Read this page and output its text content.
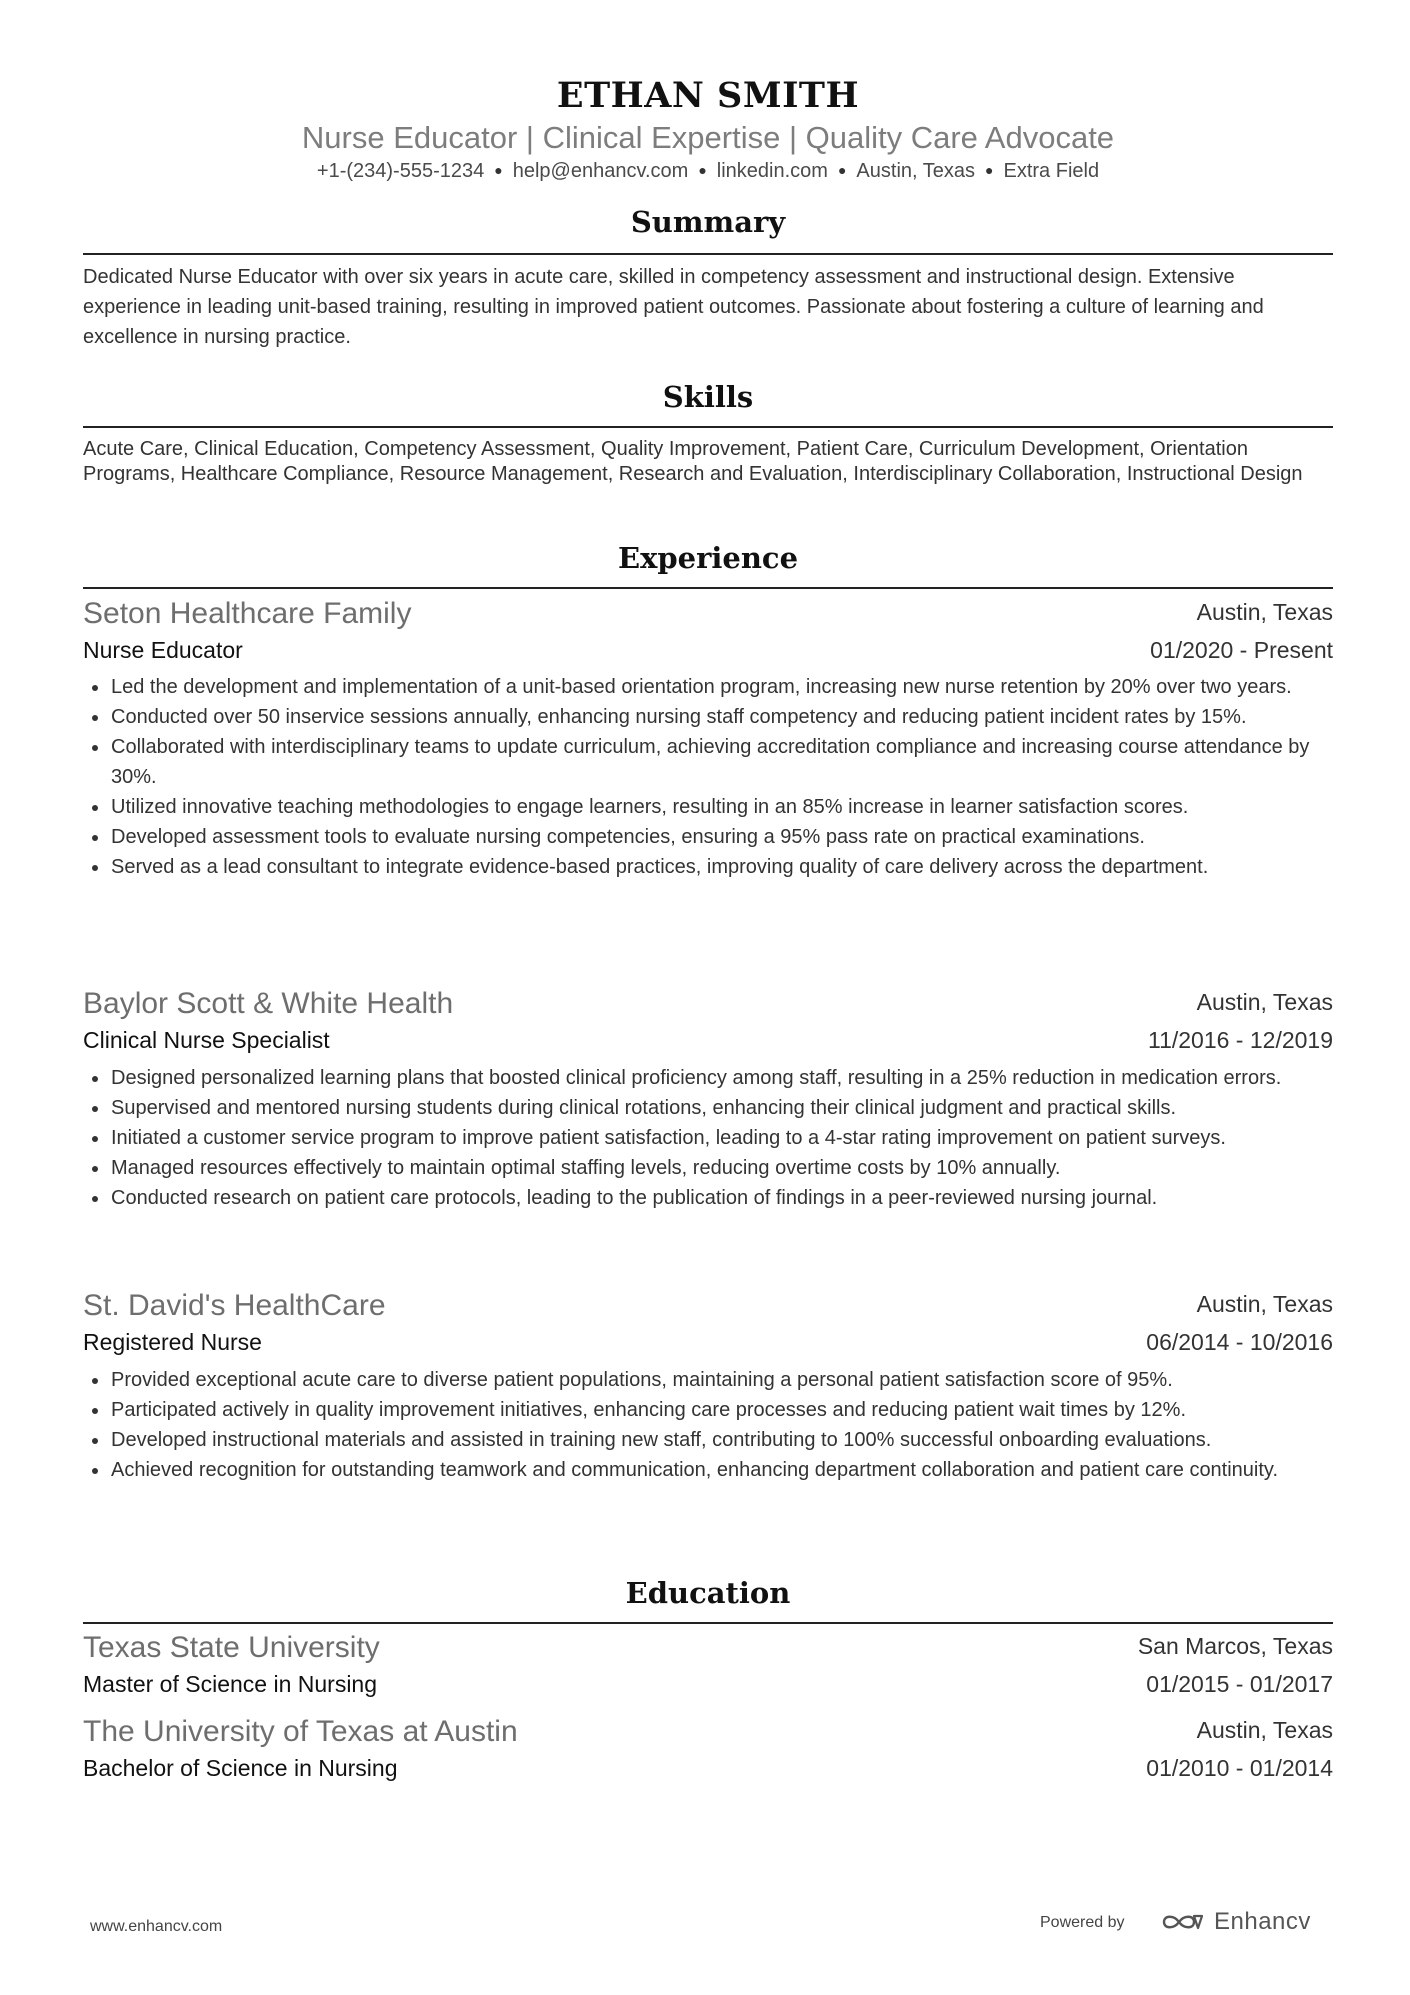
ETHAN SMITH
Nurse Educator | Clinical Expertise | Quality Care Advocate
+1-(234)-555-1234 ● help@enhancv.com ● linkedin.com ● Austin, Texas ● Extra Field
Summary
Dedicated Nurse Educator with over six years in acute care, skilled in competency assessment and instructional design. Extensive experience in leading unit-based training, resulting in improved patient outcomes. Passionate about fostering a culture of learning and excellence in nursing practice.
Skills
Acute Care, Clinical Education, Competency Assessment, Quality Improvement, Patient Care, Curriculum Development, Orientation Programs, Healthcare Compliance, Resource Management, Research and Evaluation, Interdisciplinary Collaboration, Instructional Design
Experience
Seton Healthcare Family	Austin, Texas
Nurse Educator	01/2020 - Present
Led the development and implementation of a unit-based orientation program, increasing new nurse retention by 20% over two years.
Conducted over 50 inservice sessions annually, enhancing nursing staff competency and reducing patient incident rates by 15%.
Collaborated with interdisciplinary teams to update curriculum, achieving accreditation compliance and increasing course attendance by 30%.
Utilized innovative teaching methodologies to engage learners, resulting in an 85% increase in learner satisfaction scores.
Developed assessment tools to evaluate nursing competencies, ensuring a 95% pass rate on practical examinations.
Served as a lead consultant to integrate evidence-based practices, improving quality of care delivery across the department.
Baylor Scott & White Health	Austin, Texas
Clinical Nurse Specialist	11/2016 - 12/2019
Designed personalized learning plans that boosted clinical proficiency among staff, resulting in a 25% reduction in medication errors.
Supervised and mentored nursing students during clinical rotations, enhancing their clinical judgment and practical skills.
Initiated a customer service program to improve patient satisfaction, leading to a 4-star rating improvement on patient surveys.
Managed resources effectively to maintain optimal staffing levels, reducing overtime costs by 10% annually.
Conducted research on patient care protocols, leading to the publication of findings in a peer-reviewed nursing journal.
St. David's HealthCare	Austin, Texas
Registered Nurse	06/2014 - 10/2016
Provided exceptional acute care to diverse patient populations, maintaining a personal patient satisfaction score of 95%.
Participated actively in quality improvement initiatives, enhancing care processes and reducing patient wait times by 12%.
Developed instructional materials and assisted in training new staff, contributing to 100% successful onboarding evaluations.
Achieved recognition for outstanding teamwork and communication, enhancing department collaboration and patient care continuity.
Education
Texas State University	San Marcos, Texas
Master of Science in Nursing	01/2015 - 01/2017
The University of Texas at Austin	Austin, Texas
Bachelor of Science in Nursing	01/2010 - 01/2014
www.enhancv.com	Powered by	Enhancv
